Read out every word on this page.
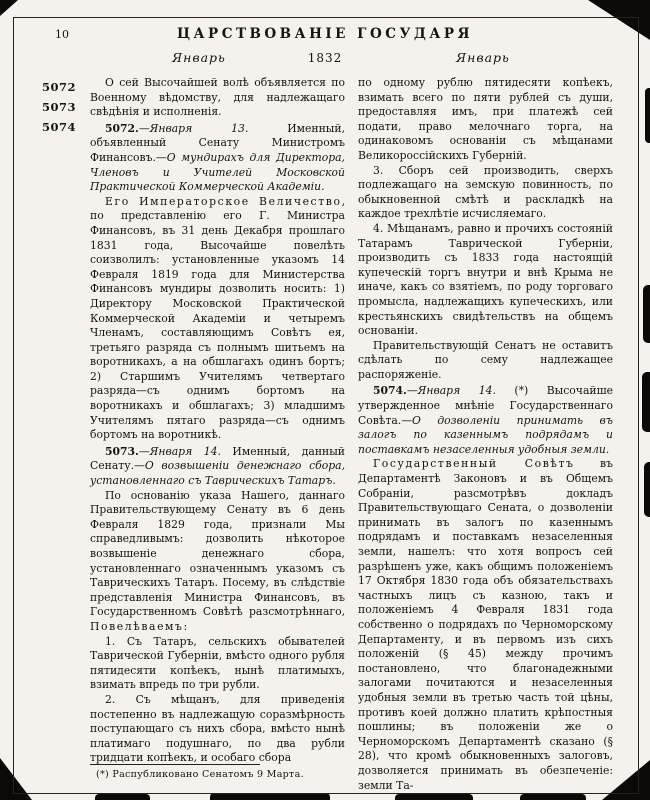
10	ЦАРСТВОВАНІЕ ГОСУДАРЯ
Январь	1832	Январь
5072
5073
5074

О сей Высочайшей волѣ объявляется по Военному вѣдомству, для надлежащаго свѣдѣнія и исполненія.

5072.—Января 13. Именный, объявленный Сенату Министромъ Финансовъ.—О мундирахъ для Директора, Членовъ и Учителей Московской Практической Коммерческой Академіи.

Его Императорское Величество, по представленію его Г. Министра Финансовъ, въ 31 день Декабря прошлаго 1831 года, Высочайше повелѣть соизволилъ: установленные указомъ 14 Февраля 1819 года для Министерства Финансовъ мундиры дозволить носить: 1) Директору Московской Практической Коммерческой Академіи и четыремъ Членамъ, составляющимъ Совѣтъ ея, третьяго разряда съ полнымъ шитьемъ на воротникахъ, а на обшлагахъ одинъ бортъ; 2) Старшимъ Учителямъ четвертаго разряда—съ однимъ бортомъ на воротникахъ и обшлагахъ; 3) младшимъ Учителямъ пятаго разряда—съ однимъ бортомъ на воротникѣ.

5073.—Января 14. Именный, данный Сенату.—О возвышеніи денежнаго сбора, установленнаго съ Таврическихъ Татаръ.

По основанію указа Нашего, даннаго Правительствующему Сенату въ 6 день Февраля 1829 года, признали Мы справедливымъ: дозволить нѣкоторое возвышеніе денежнаго сбора, установленнаго означеннымъ указомъ съ Таврическихъ Татаръ. Посему, въ слѣдствіе представленія Министра Финансовъ, въ Государственномъ Совѣтѣ разсмотрѣннаго, Повелѣваемъ:

1. Съ Татаръ, сельскихъ обывателей Таврической Губерніи, вмѣсто одного рубля пятидесяти копѣекъ, нынѣ платимыхъ, взимать впредь по три рубли.

2. Съ мѣщанъ, для приведенія постепенно въ надлежащую соразмѣрность поступающаго съ нихъ сбора, вмѣсто нынѣ платимаго подушнаго, по два рубли тридцати копѣекъ, и особаго сбора

по одному рублю пятидесяти копѣекъ, взимать всего по пяти рублей съ души, предоставляя имъ, при платежѣ сей подати, право мелочнаго торга, на одинаковомъ основаніи съ мѣщанами Великороссійскихъ Губерній.

3. Сборъ сей производить, сверхъ подлежащаго на земскую повинность, по обыкновенной смѣтѣ и раскладкѣ на каждое трехлѣтіе исчисляемаго.

4. Мѣщанамъ, равно и прочихъ состояній Татарамъ Таврической Губерніи, производить съ 1833 года настоящій купеческій торгъ внутри и внѣ Крыма не иначе, какъ со взятіемъ, по роду торговаго промысла, надлежащихъ купеческихъ, или крестьянскихъ свидѣтельствъ на общемъ основаніи.

Правительствующій Сенатъ не оставитъ сдѣлать по сему надлежащее распоряженіе.

5074.—Января 14. (*) Высочайше утвержденное мнѣніе Государственнаго Совѣта.—О дозволеніи принимать въ залогъ по казеннымъ подрядамъ и поставкамъ незаселенныя удобныя земли.

Государственный Совѣтъ въ Департаментѣ Законовъ и въ Общемъ Собраніи, разсмотрѣвъ докладъ Правительствующаго Сената, о дозволеніи принимать въ залогъ по казеннымъ подрядамъ и поставкамъ незаселенныя земли, нашелъ: что хотя вопросъ сей разрѣшенъ уже, какъ общимъ положеніемъ 17 Октября 1830 года объ обязательствахъ частныхъ лицъ съ казною, такъ и положеніемъ 4 Февраля 1831 года собственно о подрядахъ по Черноморскому Департаменту, и въ первомъ изъ сихъ положеній (§ 45) между прочимъ постановлено, что благонадежными залогами почитаются и незаселенныя удобныя земли въ третью часть той цѣны, противъ коей должно платить крѣпостныя пошлины; въ положеніи же о Черноморскомъ Департаментѣ сказано (§ 28), что кромѣ обыкновенныхъ залоговъ, дозволяется принимать въ обезпеченіе: земли Та-

(*) Распубликовано Сенатомъ 9 Марта.
